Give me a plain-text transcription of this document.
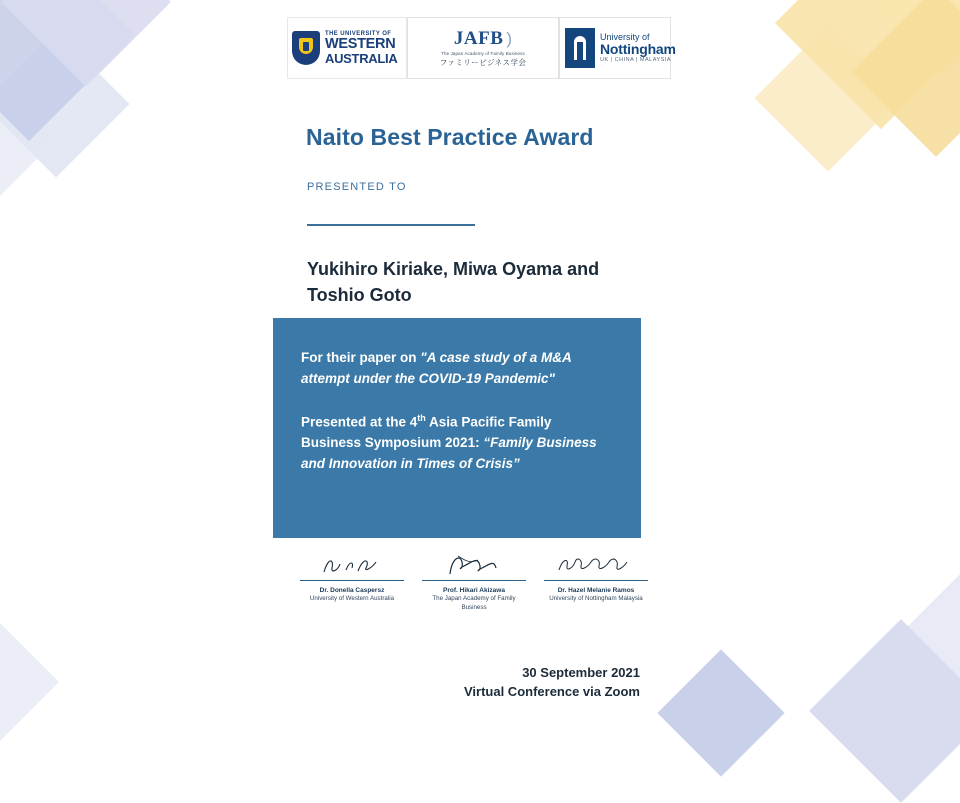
THE UNIVERSITY OF
WESTERN
AUSTRALIA
JAFB )
The Japan Academy of Family Business
ファミリービジネス学会
University of
Nottingham
UK | CHINA | MALAYSIA
Naito Best Practice Award
PRESENTED TO
Yukihiro Kiriake, Miwa Oyama and Toshio Goto

For their paper on "A case study of a M&A attempt under the COVID-19 Pandemic"

Presented at the 4th Asia Pacific Family Business Symposium 2021: “Family Business and Innovation in Times of Crisis”

Dr. Donella Caspersz
University of Western Australia
Prof. Hikari Akizawa
The Japan Academy of Family Business
Dr. Hazel Melanie Ramos
University of Nottingham Malaysia
30 September 2021
Virtual Conference via Zoom
